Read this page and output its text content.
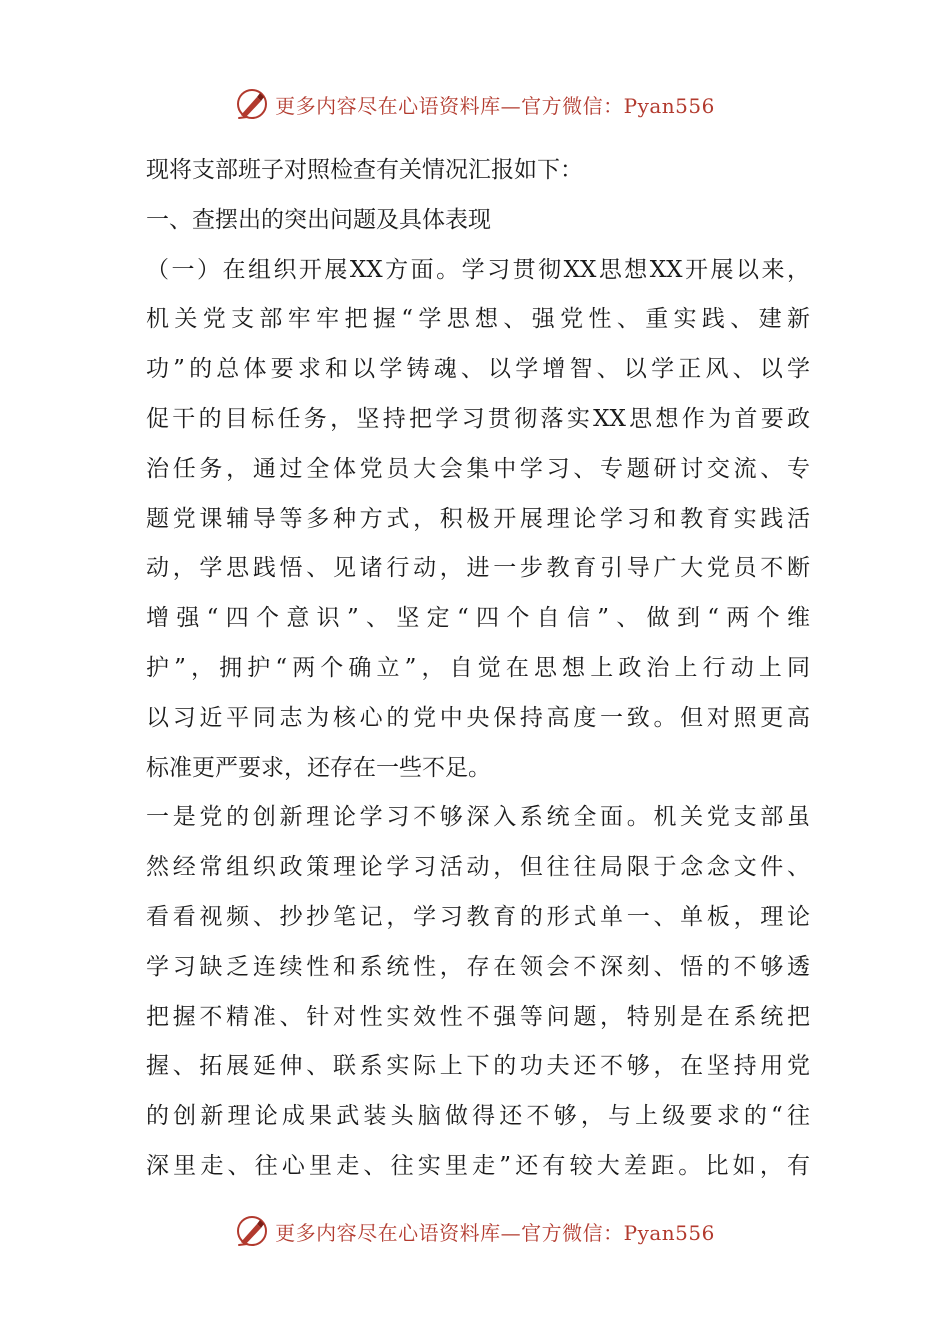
更多内容尽在心语资料库—官方微信：Pyan556
现将支部班子对照检查有关情况汇报如下：
一、查摆出的突出问题及具体表现
（一）在组织开展XX方面。学习贯彻XX思想XX开展以来，
机关党支部牢牢把握“学思想、强党性、重实践、建新
功”的总体要求和以学铸魂、以学增智、以学正风、以学
促干的目标任务，坚持把学习贯彻落实XX思想作为首要政
治任务，通过全体党员大会集中学习、专题研讨交流、专
题党课辅导等多种方式，积极开展理论学习和教育实践活
动，学思践悟、见诸行动，进一步教育引导广大党员不断
增强“四个意识”、坚定“四个自信”、做到“两个维
护”，拥护“两个确立”，自觉在思想上政治上行动上同
以习近平同志为核心的党中央保持高度一致。但对照更高
标准更严要求，还存在一些不足。
一是党的创新理论学习不够深入系统全面。机关党支部虽
然经常组织政策理论学习活动，但往往局限于念念文件、
看看视频、抄抄笔记，学习教育的形式单一、单板，理论
学习缺乏连续性和系统性，存在领会不深刻、悟的不够透
把握不精准、针对性实效性不强等问题，特别是在系统把
握、拓展延伸、联系实际上下的功夫还不够，在坚持用党
的创新理论成果武装头脑做得还不够，与上级要求的“往
深里走、往心里走、往实里走”还有较大差距。比如，有
更多内容尽在心语资料库—官方微信：Pyan556
